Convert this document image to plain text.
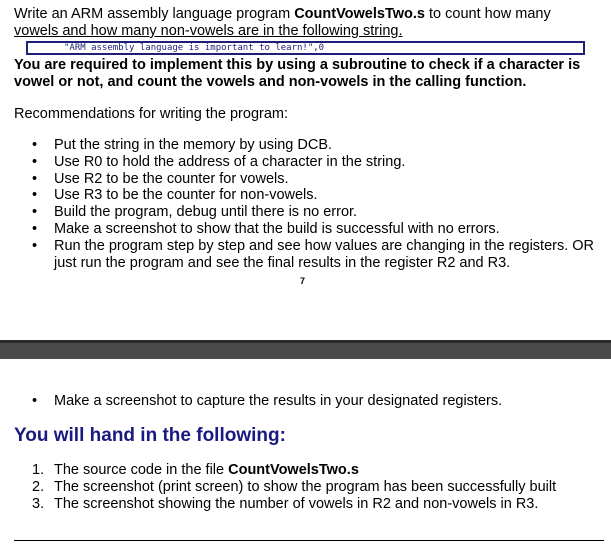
Write an ARM assembly language program CountVowelsTwo.s to count how many
vowels and how many non-vowels are in the following string.
"ARM assembly language is important to learn!",0
You are required to implement this by using a subroutine to check if a character is vowel or not, and count the vowels and non-vowels in the calling function.
Recommendations for writing the program:
• Put the string in the memory by using DCB.
• Use R0 to hold the address of a character in the string.
• Use R2 to be the counter for vowels.
• Use R3 to be the counter for non-vowels.
• Build the program, debug until there is no error.
• Make a screenshot to show that the build is successful with no errors.
• Run the program step by step and see how values are changing in the registers. OR just run the program and see the final results in the register R2 and R3.
7
• Make a screenshot to capture the results in your designated registers.
You will hand in the following:
1. The source code in the file CountVowelsTwo.s
2. The screenshot (print screen) to show the program has been successfully built
3. The screenshot showing the number of vowels in R2 and non-vowels in R3.
